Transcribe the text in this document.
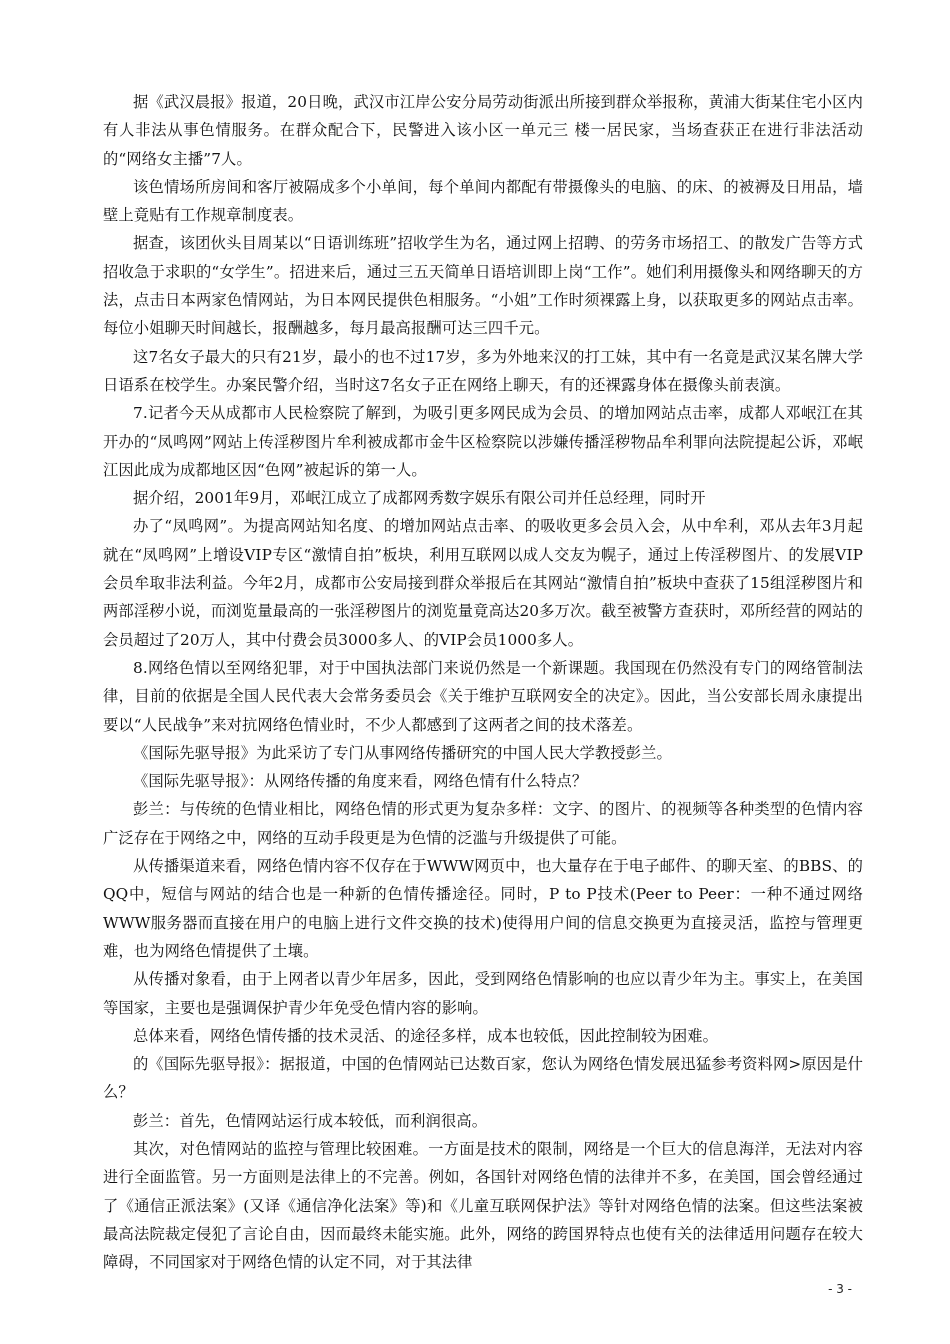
据《武汉晨报》报道，20日晚，武汉市江岸公安分局劳动街派出所接到群众举报称，黄浦大街某住宅小区内有人非法从事色情服务。在群众配合下，民警进入该小区一单元三 楼一居民家，当场查获正在进行非法活动的“网络女主播”7人。

该色情场所房间和客厅被隔成多个小单间，每个单间内都配有带摄像头的电脑、的床、的被褥及日用品，墙壁上竟贴有工作规章制度表。

据查，该团伙头目周某以“日语训练班”招收学生为名，通过网上招聘、的劳务市场招工、的散发广告等方式招收急于求职的“女学生”。招进来后，通过三五天简单日语培训即上岗“工作”。她们利用摄像头和网络聊天的方法，点击日本两家色情网站，为日本网民提供色相服务。“小姐”工作时须裸露上身，以获取更多的网站点击率。每位小姐聊天时间越长，报酬越多，每月最高报酬可达三四千元。

这7名女子最大的只有21岁，最小的也不过17岁，多为外地来汉的打工妹，其中有一名竟是武汉某名牌大学日语系在校学生。办案民警介绍，当时这7名女子正在网络上聊天，有的还裸露身体在摄像头前表演。

7.记者今天从成都市人民检察院了解到，为吸引更多网民成为会员、的增加网站点击率，成都人邓岷江在其开办的“凤鸣网”网站上传淫秽图片牟利被成都市金牛区检察院以涉嫌传播淫秽物品牟利罪向法院提起公诉，邓岷江因此成为成都地区因“色网”被起诉的第一人。

据介绍，2001年9月，邓岷江成立了成都网秀数字娱乐有限公司并任总经理，同时开

办了“凤鸣网”。为提高网站知名度、的增加网站点击率、的吸收更多会员入会，从中牟利，邓从去年3月起就在“凤鸣网”上增设VIP专区“激情自拍”板块，利用互联网以成人交友为幌子，通过上传淫秽图片、的发展VIP会员牟取非法利益。今年2月，成都市公安局接到群众举报后在其网站“激情自拍”板块中查获了15组淫秽图片和两部淫秽小说，而浏览量最高的一张淫秽图片的浏览量竟高达20多万次。截至被警方查获时，邓所经营的网站的会员超过了20万人，其中付费会员3000多人、的VIP会员1000多人。

8.网络色情以至网络犯罪，对于中国执法部门来说仍然是一个新课题。我国现在仍然没有专门的网络管制法律，目前的依据是全国人民代表大会常务委员会《关于维护互联网安全的决定》。因此，当公安部长周永康提出要以“人民战争”来对抗网络色情业时，不少人都感到了这两者之间的技术落差。

《国际先驱导报》为此采访了专门从事网络传播研究的中国人民大学教授彭兰。

《国际先驱导报》：从网络传播的角度来看，网络色情有什么特点？

彭兰：与传统的色情业相比，网络色情的形式更为复杂多样：文字、的图片、的视频等各种类型的色情内容广泛存在于网络之中，网络的互动手段更是为色情的泛滥与升级提供了可能。

从传播渠道来看，网络色情内容不仅存在于WWW网页中，也大量存在于电子邮件、的聊天室、的BBS、的QQ中，短信与网站的结合也是一种新的色情传播途径。同时，P to P技术(Peer to Peer：一种不通过网络WWW服务器而直接在用户的电脑上进行文件交换的技术)使得用户间的信息交换更为直接灵活，监控与管理更难，也为网络色情提供了土壤。

从传播对象看，由于上网者以青少年居多，因此，受到网络色情影响的也应以青少年为主。事实上，在美国等国家，主要也是强调保护青少年免受色情内容的影响。

总体来看，网络色情传播的技术灵活、的途径多样，成本也较低，因此控制较为困难。

的《国际先驱导报》：据报道，中国的色情网站已达数百家，您认为网络色情发展迅猛参考资料网>原因是什么？

彭兰：首先，色情网站运行成本较低，而利润很高。

其次，对色情网站的监控与管理比较困难。一方面是技术的限制，网络是一个巨大的信息海洋，无法对内容进行全面监管。另一方面则是法律上的不完善。例如，各国针对网络色情的法律并不多，在美国，国会曾经通过了《通信正派法案》(又译《通信净化法案》等)和《儿童互联网保护法》等针对网络色情的法案。但这些法案被最高法院裁定侵犯了言论自由，因而最终未能实施。此外，网络的跨国界特点也使有关的法律适用问题存在较大障碍，不同国家对于网络色情的认定不同，对于其法律

- 3 -
